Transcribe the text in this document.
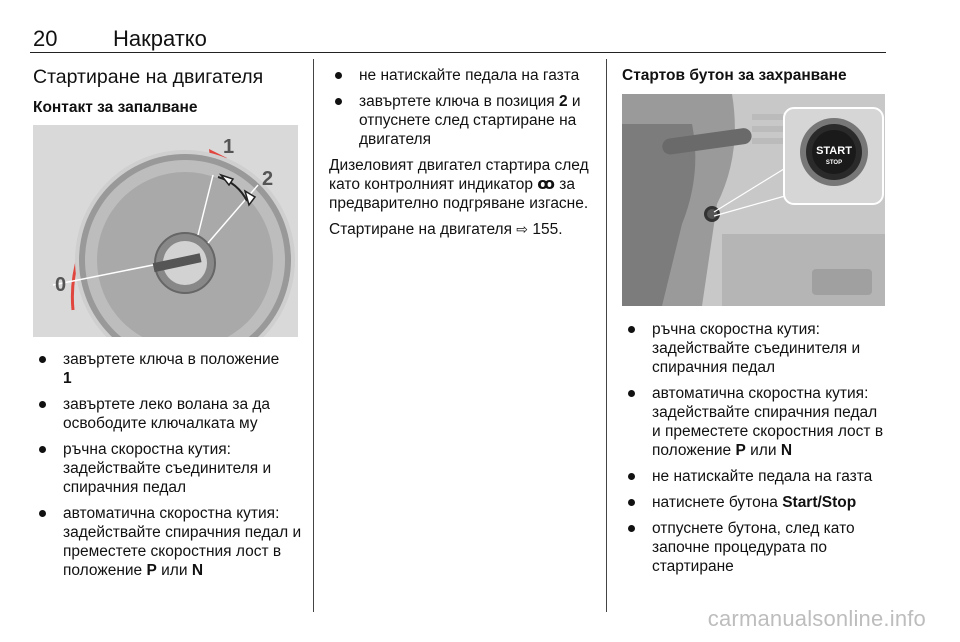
20	Накратко
Стартиране на двигателя
Контакт за запалване
0
1
2
завъртете ключа в положение
1
завъртете леко волана за да освободите ключалката му
ръчна скоростна кутия: задействайте съединителя и спирачния педал
автоматична скоростна кутия: задействайте спирачния педал и преместете скоростния лост в положение P или N
не натискайте педала на газта
завъртете ключа в позиция 2 и отпуснете след стартиране на двигателя

Дизеловият двигател стартира след като контролният индикатор ꝏ за предварително подгряване изгасне.

Стартиране на двигателя ⇨ 155.

Стартов бутон за захранване
START
STOP
ръчна скоростна кутия: задействайте съединителя и спирачния педал
автоматична скоростна кутия: задействайте спирачния педал и преместете скоростния лост в положение P или N
не натискайте педала на газта
натиснете бутона Start/Stop
отпуснете бутона, след като започне процедурата по стартиране
carmanualsonline.info
